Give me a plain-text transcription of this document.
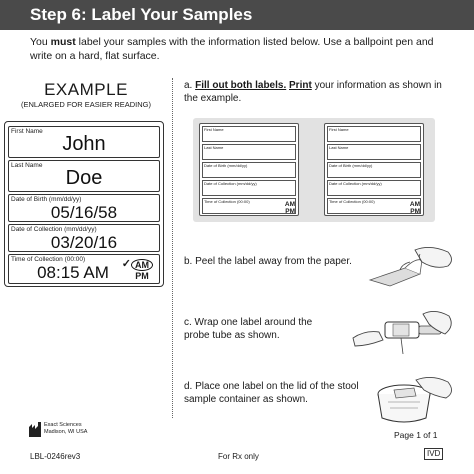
Step 6: Label Your Samples
You must label your samples with the information listed below. Use a ballpoint pen and write on a hard, flat surface.
EXAMPLE
(ENLARGED FOR EASIER READING)
First Name
John
Last Name
Doe
Date of Birth (mm/dd/yy)
05/16/58
Date of Collection (mm/dd/yy)
03/20/16
Time of Collection (00:00)
08:15 AM	✓ AM
PM
a. Fill out both labels. Print your information as shown in the example.
First Name
Last Name
Date of Birth (mm/dd/yy)
Date of Collection (mm/dd/yy)
Time of Collection (00:00)	AM
PM
First Name
Last Name
Date of Birth (mm/dd/yy)
Date of Collection (mm/dd/yy)
Time of Collection (00:00)	AM
PM
b. Peel the label away from the paper.
c. Wrap one label around the probe tube as shown.
d. Place one label on the lid of the stool sample container as shown.
Exact Sciences
Madison, WI USA	Page 1 of 1
LBL-0246rev3	For Rx only	IVD
